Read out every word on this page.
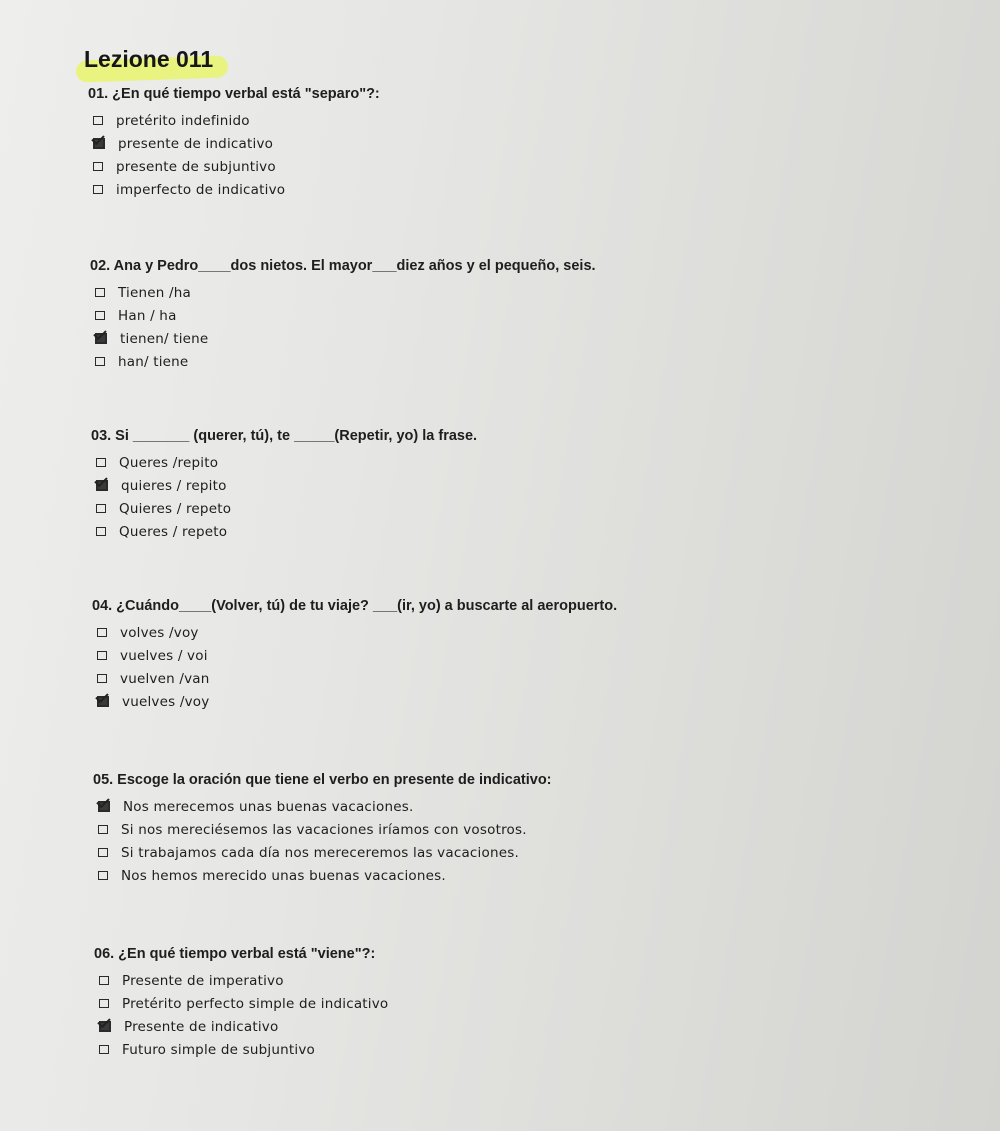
Lezione 011

01. ¿En qué tiempo verbal está "separo"?:

pretérito indefinido
presente de indicativo
presente de subjuntivo
imperfecto de indicativo

02. Ana y Pedro____dos nietos. El mayor___diez años y el pequeño, seis.

Tienen /ha
Han / ha
tienen/ tiene
han/ tiene

03. Si _______ (querer, tú), te _____(Repetir, yo) la frase.

Queres /repito
quieres / repito
Quieres / repeto
Queres / repeto

04. ¿Cuándo____(Volver, tú) de tu viaje? ___(ir, yo) a buscarte al aeropuerto.

volves /voy
vuelves / voi
vuelven /van
vuelves /voy

05. Escoge la oración que tiene el verbo en presente de indicativo:

Nos merecemos unas buenas vacaciones.
Si nos mereciésemos las vacaciones iríamos con vosotros.
Si trabajamos cada día nos mereceremos las vacaciones.
Nos hemos merecido unas buenas vacaciones.

06. ¿En qué tiempo verbal está "viene"?:

Presente de imperativo
Pretérito perfecto simple de indicativo
Presente de indicativo
Futuro simple de subjuntivo
